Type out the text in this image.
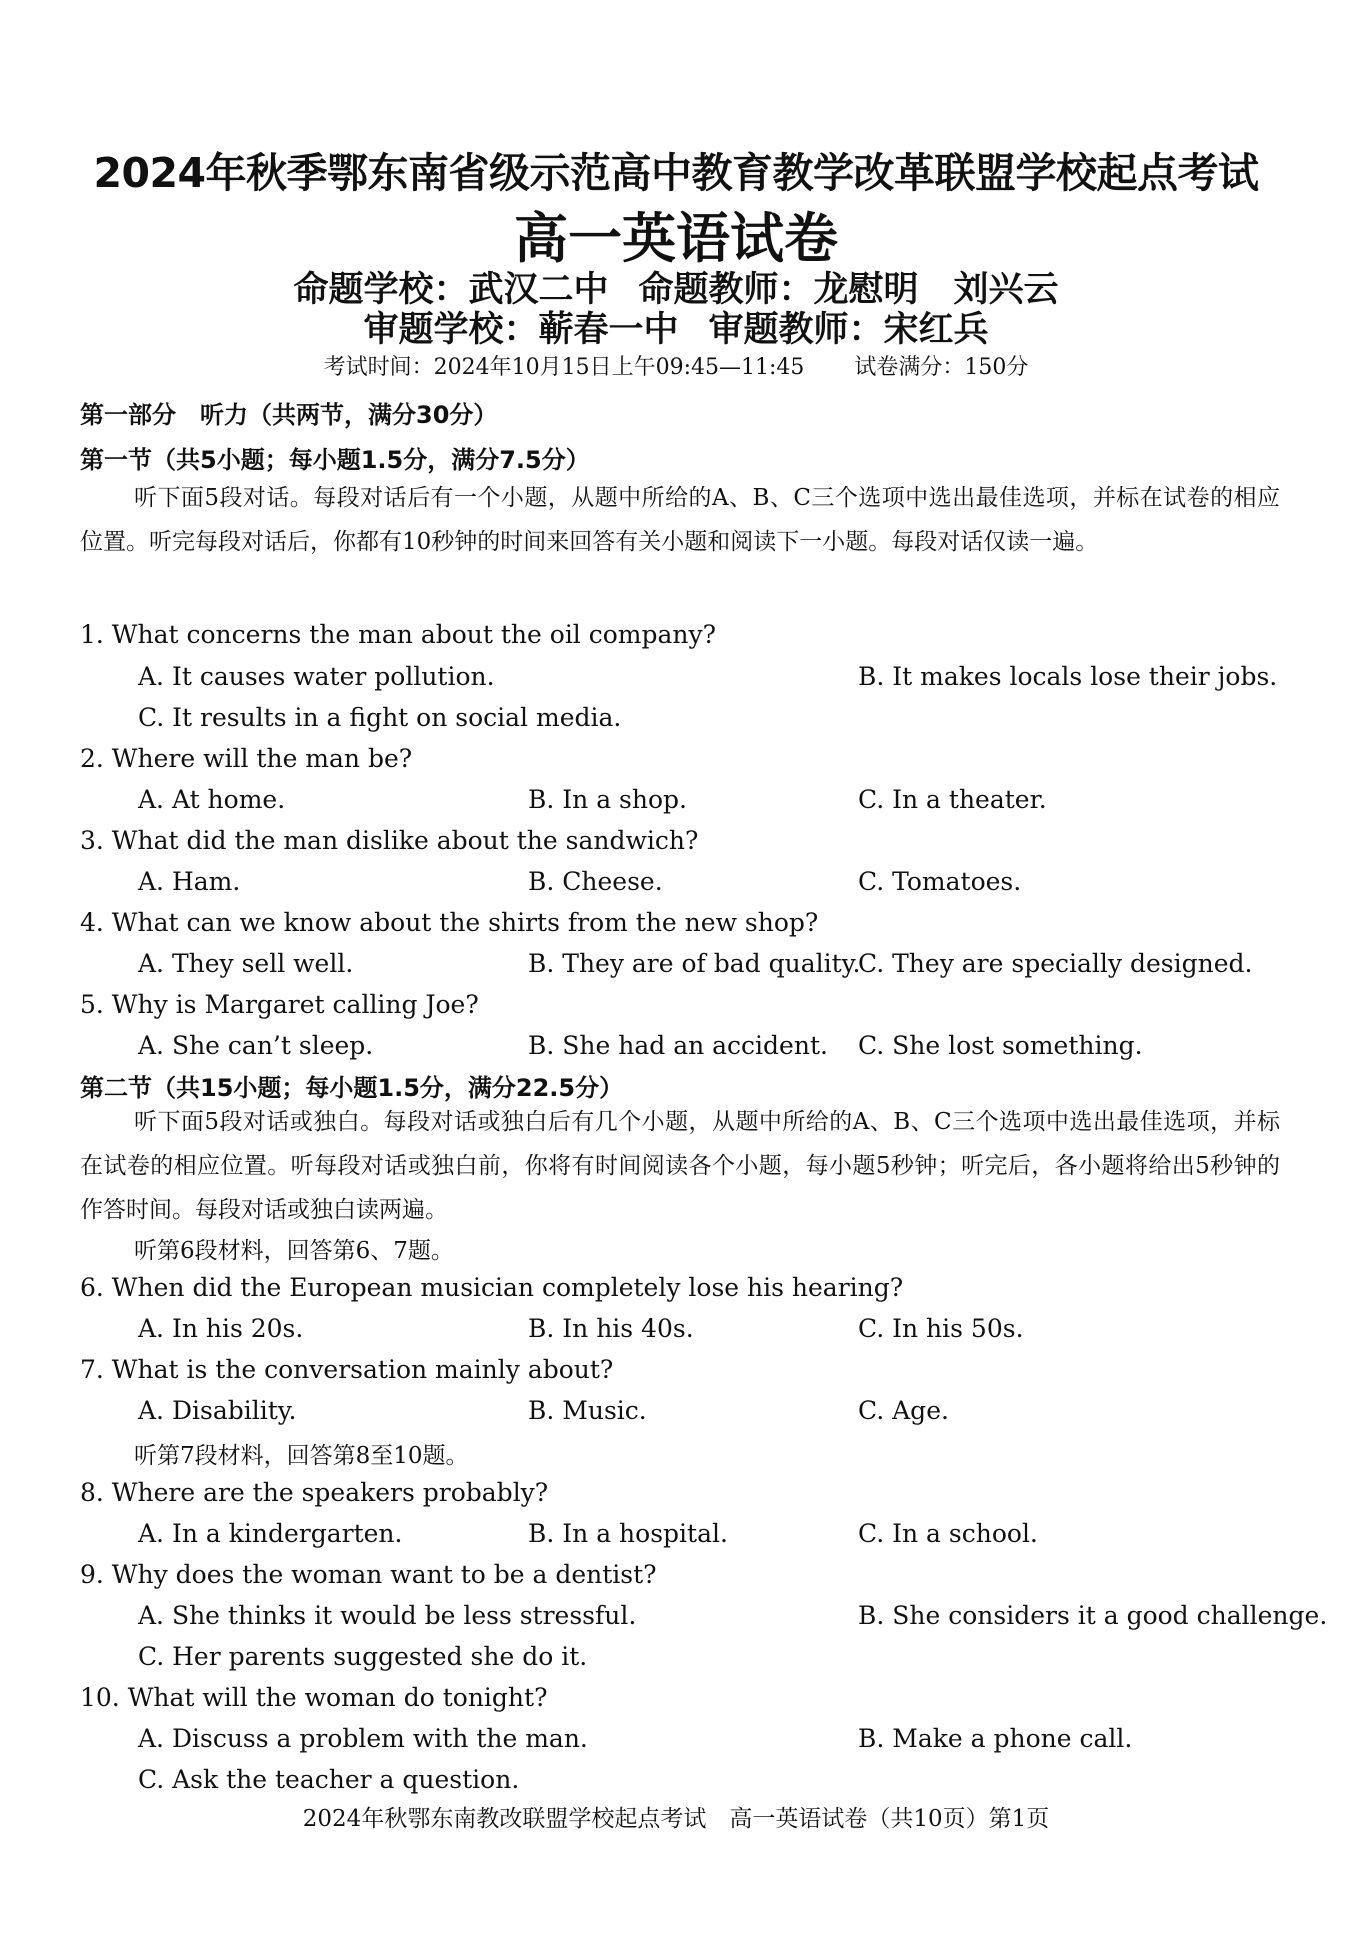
2024年秋季鄂东南省级示范高中教育教学改革联盟学校起点考试
高一英语试卷
命题学校：武汉二中 命题教师：龙慰明　刘兴云
审题学校：蕲春一中 审题教师：宋红兵
考试时间：2024年10月15日上午09:45—11:45 试卷满分：150分
第一部分　听力（共两节，满分30分）
第一节（共5小题；每小题1.5分，满分7.5分）
听下面5段对话。每段对话后有一个小题，从题中所给的A、B、C三个选项中选出最佳选项，并标在试卷的相应位置。听完每段对话后，你都有10秒钟的时间来回答有关小题和阅读下一小题。每段对话仅读一遍。
1. What concerns the man about the oil company?
A. It causes water pollution.	B. It makes locals lose their jobs.
C. It results in a fight on social media.
2. Where will the man be?
A. At home.	B. In a shop.	C. In a theater.
3. What did the man dislike about the sandwich?
A. Ham.	B. Cheese.	C. Tomatoes.
4. What can we know about the shirts from the new shop?
A. They sell well.	B. They are of bad quality.
C. They are specially designed.
5. Why is Margaret calling Joe?
A. She can’t sleep.	B. She had an accident. C. She lost something.
第二节（共15小题；每小题1.5分，满分22.5分）
听下面5段对话或独白。每段对话或独白后有几个小题，从题中所给的A、B、C三个选项中选出最佳选项，并标在试卷的相应位置。听每段对话或独白前，你将有时间阅读各个小题，每小题5秒钟；听完后，各小题将给出5秒钟的作答时间。每段对话或独白读两遍。
听第6段材料，回答第6、7题。
6. When did the European musician completely lose his hearing?
A. In his 20s.	B. In his 40s.	C. In his 50s.
7. What is the conversation mainly about?
A. Disability.	B. Music.	C. Age.
听第7段材料，回答第8至10题。
8. Where are the speakers probably?
A. In a kindergarten.	B. In a hospital.	C. In a school.
9. Why does the woman want to be a dentist?
A. She thinks it would be less stressful.	B. She considers it a good challenge.
C. Her parents suggested she do it.
10. What will the woman do tonight?
A. Discuss a problem with the man.	B. Make a phone call.
C. Ask the teacher a question.
2024年秋鄂东南教改联盟学校起点考试　高一英语试卷（共10页）第1页
